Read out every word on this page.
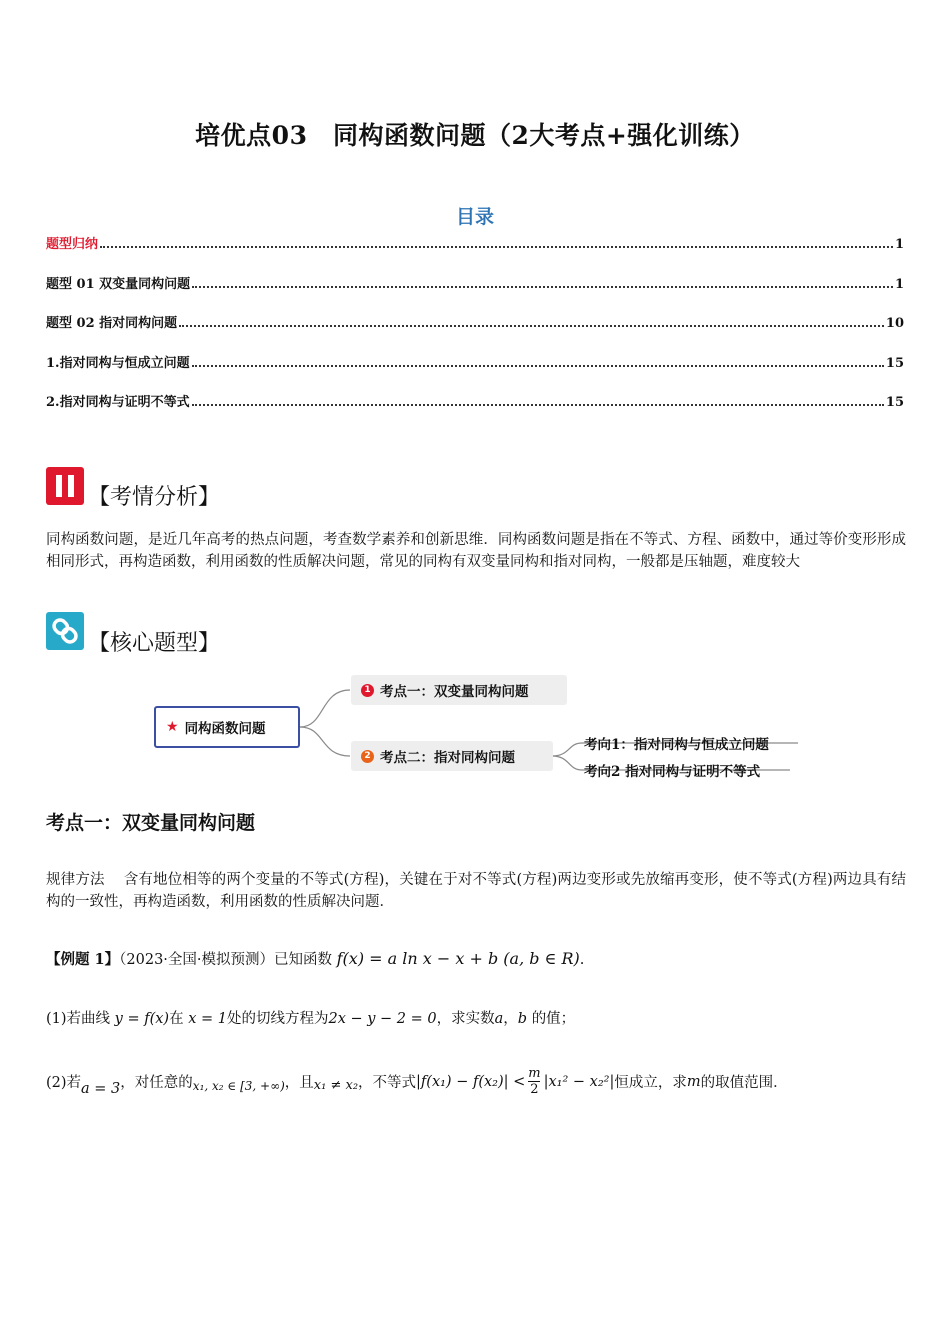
培优点03　同构函数问题（2大考点+强化训练）
目录
题型归纳	1
题型 01 双变量同构问题	1
题型 02 指对同构问题	10
1.指对同构与恒成立问题	15
2.指对同构与证明不等式	15
【考情分析】
同构函数问题，是近几年高考的热点问题，考查数学素养和创新思维．同构函数问题是指在不等式、方程、函数中，通过等价变形形成相同形式，再构造函数，利用函数的性质解决问题，常见的同构有双变量同构和指对同构，一般都是压轴题，难度较大
【核心题型】
★ 同构函数问题
1 考点一：双变量同构问题
2 考点二：指对同构问题
考向1：指对同构与恒成立问题
考向2 指对同构与证明不等式
考点一：双变量同构问题
规律方法 含有地位相等的两个变量的不等式(方程)，关键在于对不等式(方程)两边变形或先放缩再变形，使不等式(方程)两边具有结构的一致性，再构造函数，利用函数的性质解决问题．
【例题 1】（2023·全国·模拟预测）已知函数 f(x) = a ln x − x + b (a, b ∈ R).
(1)若曲线 y = f(x)在 x = 1处的切线方程为2x − y − 2 = 0，求实数a，b 的值；
(2)若 a = 3 ，对任意的 x₁, x₂ ∈ [3, +∞) ，且 x₁ ≠ x₂ ，不等式 $|f(x_1) - f(x_2)| < \frac{m}{2} |x_1^2 - x_2^2|$ 恒成立，求 m 的取值范围．
